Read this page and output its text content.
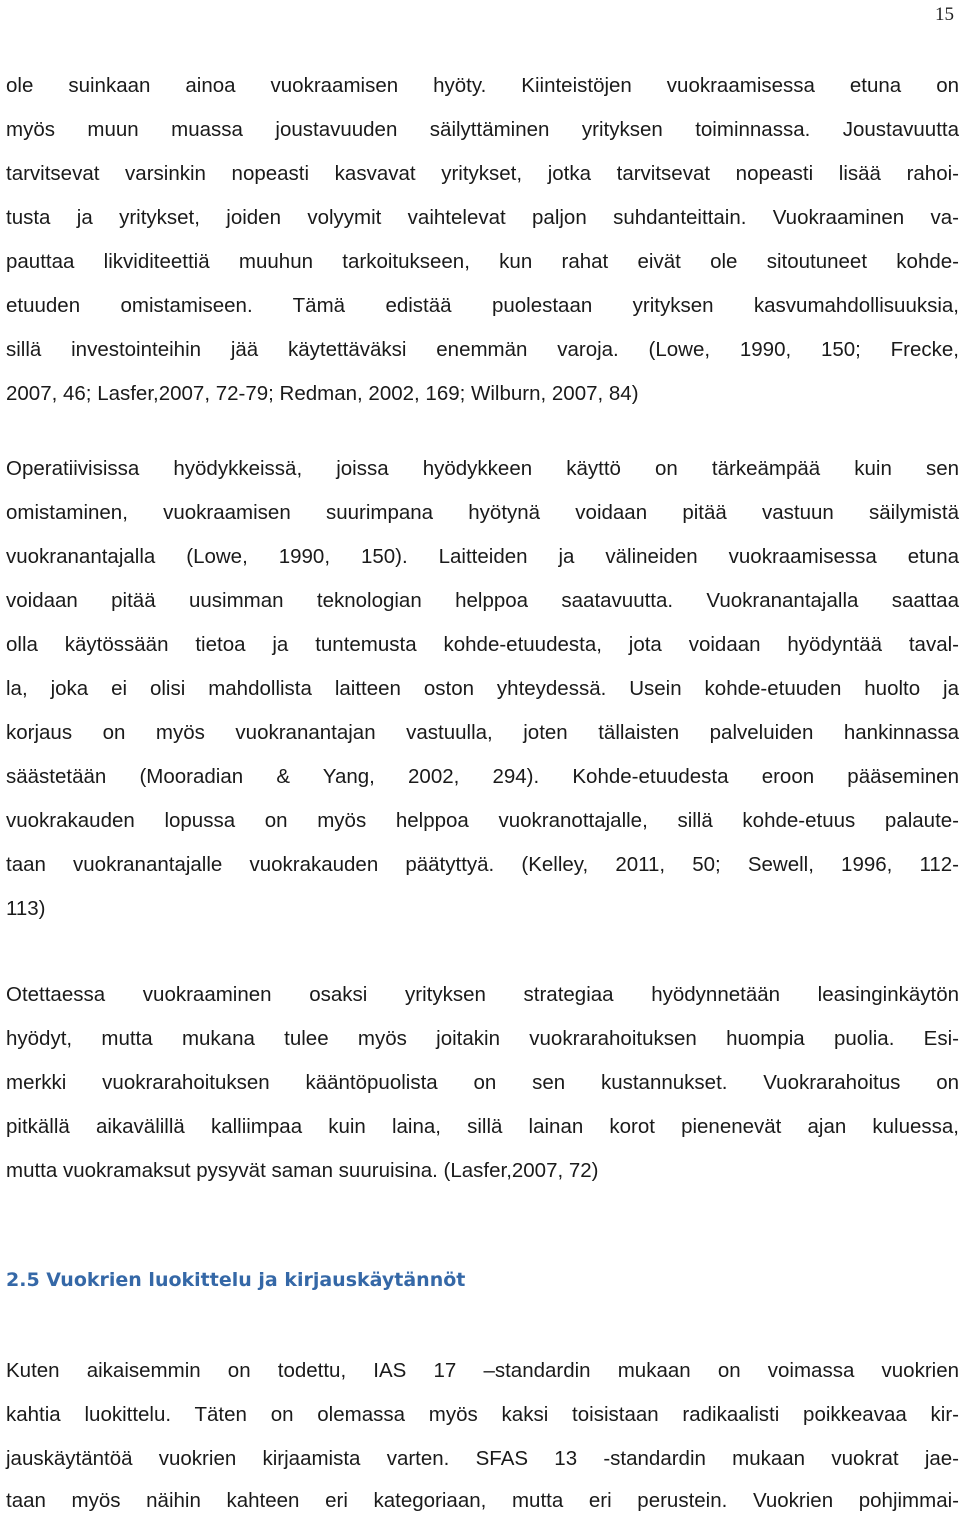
15
ole suinkaan ainoa vuokraamisen hyöty. Kiinteistöjen vuokraamisessa etuna on
myös muun muassa joustavuuden säilyttäminen yrityksen toiminnassa. Joustavuutta
tarvitsevat varsinkin nopeasti kasvavat yritykset, jotka tarvitsevat nopeasti lisää rahoi-
tusta ja yritykset, joiden volyymit vaihtelevat paljon suhdanteittain. Vuokraaminen va-
pauttaa likviditeettiä muuhun tarkoitukseen, kun rahat eivät ole sitoutuneet kohde-
etuuden omistamiseen. Tämä edistää puolestaan yrityksen kasvumahdollisuuksia,
sillä investointeihin jää käytettäväksi enemmän varoja. (Lowe, 1990, 150; Frecke,
2007, 46; Lasfer,2007, 72-79; Redman, 2002, 169; Wilburn, 2007, 84)
Operatiivisissa hyödykkeissä, joissa hyödykkeen käyttö on tärkeämpää kuin sen
omistaminen, vuokraamisen suurimpana hyötynä voidaan pitää vastuun säilymistä
vuokranantajalla (Lowe, 1990, 150). Laitteiden ja välineiden vuokraamisessa etuna
voidaan pitää uusimman teknologian helppoa saatavuutta. Vuokranantajalla saattaa
olla käytössään tietoa ja tuntemusta kohde-etuudesta, jota voidaan hyödyntää taval-
la, joka ei olisi mahdollista laitteen oston yhteydessä. Usein kohde-etuuden huolto ja
korjaus on myös vuokranantajan vastuulla, joten tällaisten palveluiden hankinnassa
säästetään (Mooradian & Yang, 2002, 294). Kohde-etuudesta eroon pääseminen
vuokrakauden lopussa on myös helppoa vuokranottajalle, sillä kohde-etuus palaute-
taan vuokranantajalle vuokrakauden päätyttyä. (Kelley, 2011, 50; Sewell, 1996, 112-
113)
Otettaessa vuokraaminen osaksi yrityksen strategiaa hyödynnetään leasinginkäytön
hyödyt, mutta mukana tulee myös joitakin vuokrarahoituksen huompia puolia. Esi-
merkki vuokrarahoituksen kääntöpuolista on sen kustannukset. Vuokrarahoitus on
pitkällä aikavälillä kalliimpaa kuin laina, sillä lainan korot pienenevät ajan kuluessa,
mutta vuokramaksut pysyvät saman suuruisina. (Lasfer,2007, 72)
2.5 Vuokrien luokittelu ja kirjauskäytännöt
Kuten aikaisemmin on todettu, IAS 17 –standardin mukaan on voimassa vuokrien
kahtia luokittelu. Täten on olemassa myös kaksi toisistaan radikaalisti poikkeavaa kir-
jauskäytäntöä vuokrien kirjaamista varten. SFAS 13 -standardin mukaan vuokrat jae-
taan myös näihin kahteen eri kategoriaan, mutta eri perustein. Vuokrien pohjimmai-
